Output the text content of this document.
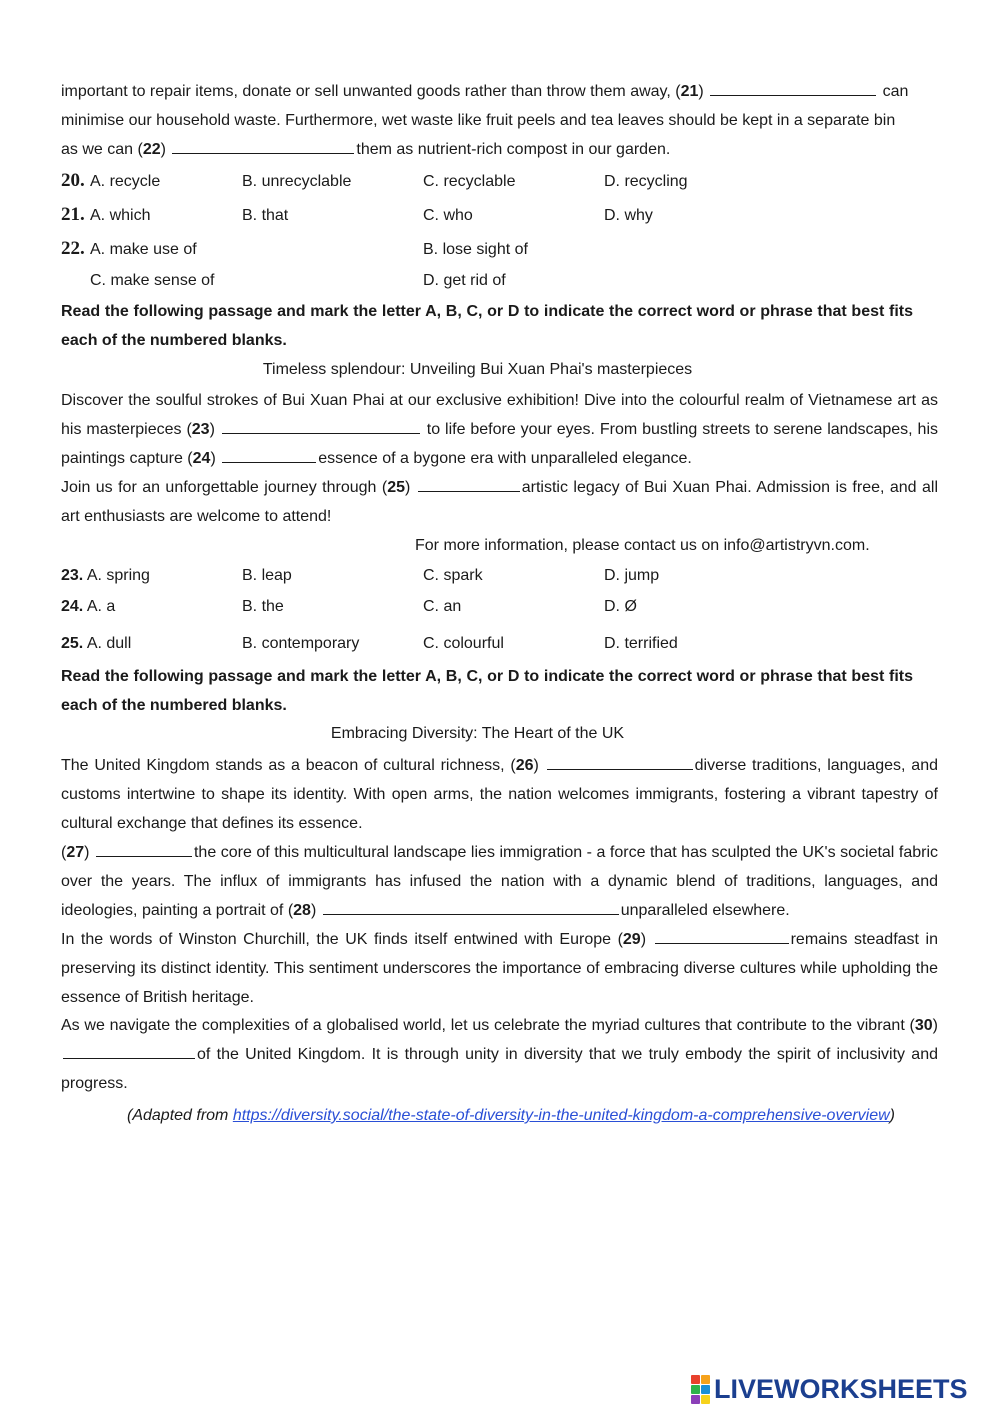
important to repair items, donate or sell unwanted goods rather than throw them away, (21)	can
minimise our household waste. Furthermore, wet waste like fruit peels and tea leaves should be kept in a separate bin
as we can (22)	them as nutrient-rich compost in our garden.
20. A. recycle	B. unrecyclable	C. recyclable	D. recycling
21. A. which	B. that	C. who	D. why
22. A. make use of	B. lose sight of
C. make sense of	D. get rid of
Read the following passage and mark the letter A, B, C, or D to indicate the correct word or phrase that best fits each of the numbered blanks.
Timeless splendour: Unveiling Bui Xuan Phai's masterpieces
Discover the soulful strokes of Bui Xuan Phai at our exclusive exhibition! Dive into the colourful realm of Vietnamese art as his masterpieces (23)	to life before your eyes. From bustling streets to serene landscapes, his paintings capture (24)	essence of a bygone era with unparalleled elegance.
Join us for an unforgettable journey through (25)	artistic legacy of Bui Xuan Phai. Admission is free, and all art enthusiasts are welcome to attend!
For more information, please contact us on info@artistryvn.com.
23. A. spring	B. leap	C. spark	D. jump
24. A. a	B. the	C. an	D. Ø
25. A. dull	B. contemporary	C. colourful	D. terrified
Read the following passage and mark the letter A, B, C, or D to indicate the correct word or phrase that best fits each of the numbered blanks.
Embracing Diversity: The Heart of the UK
The United Kingdom stands as a beacon of cultural richness, (26)	diverse traditions, languages, and customs intertwine to shape its identity. With open arms, the nation welcomes immigrants, fostering a vibrant tapestry of cultural exchange that defines its essence.
(27)	the core of this multicultural landscape lies immigration - a force that has sculpted the UK's societal fabric over the years. The influx of immigrants has infused the nation with a dynamic blend of traditions, languages, and ideologies, painting a portrait of (28)	unparalleled elsewhere.
In the words of Winston Churchill, the UK finds itself entwined with Europe (29)	remains steadfast in preserving its distinct identity. This sentiment underscores the importance of embracing diverse cultures while upholding the essence of British heritage.
As we navigate the complexities of a globalised world, let us celebrate the myriad cultures that contribute to the vibrant (30) of the United Kingdom. It is through unity in diversity that we truly embody the spirit of inclusivity and progress.
(Adapted from https://diversity.social/the-state-of-diversity-in-the-united-kingdom-a-comprehensive-overview)
LIVEWORKSHEETS
